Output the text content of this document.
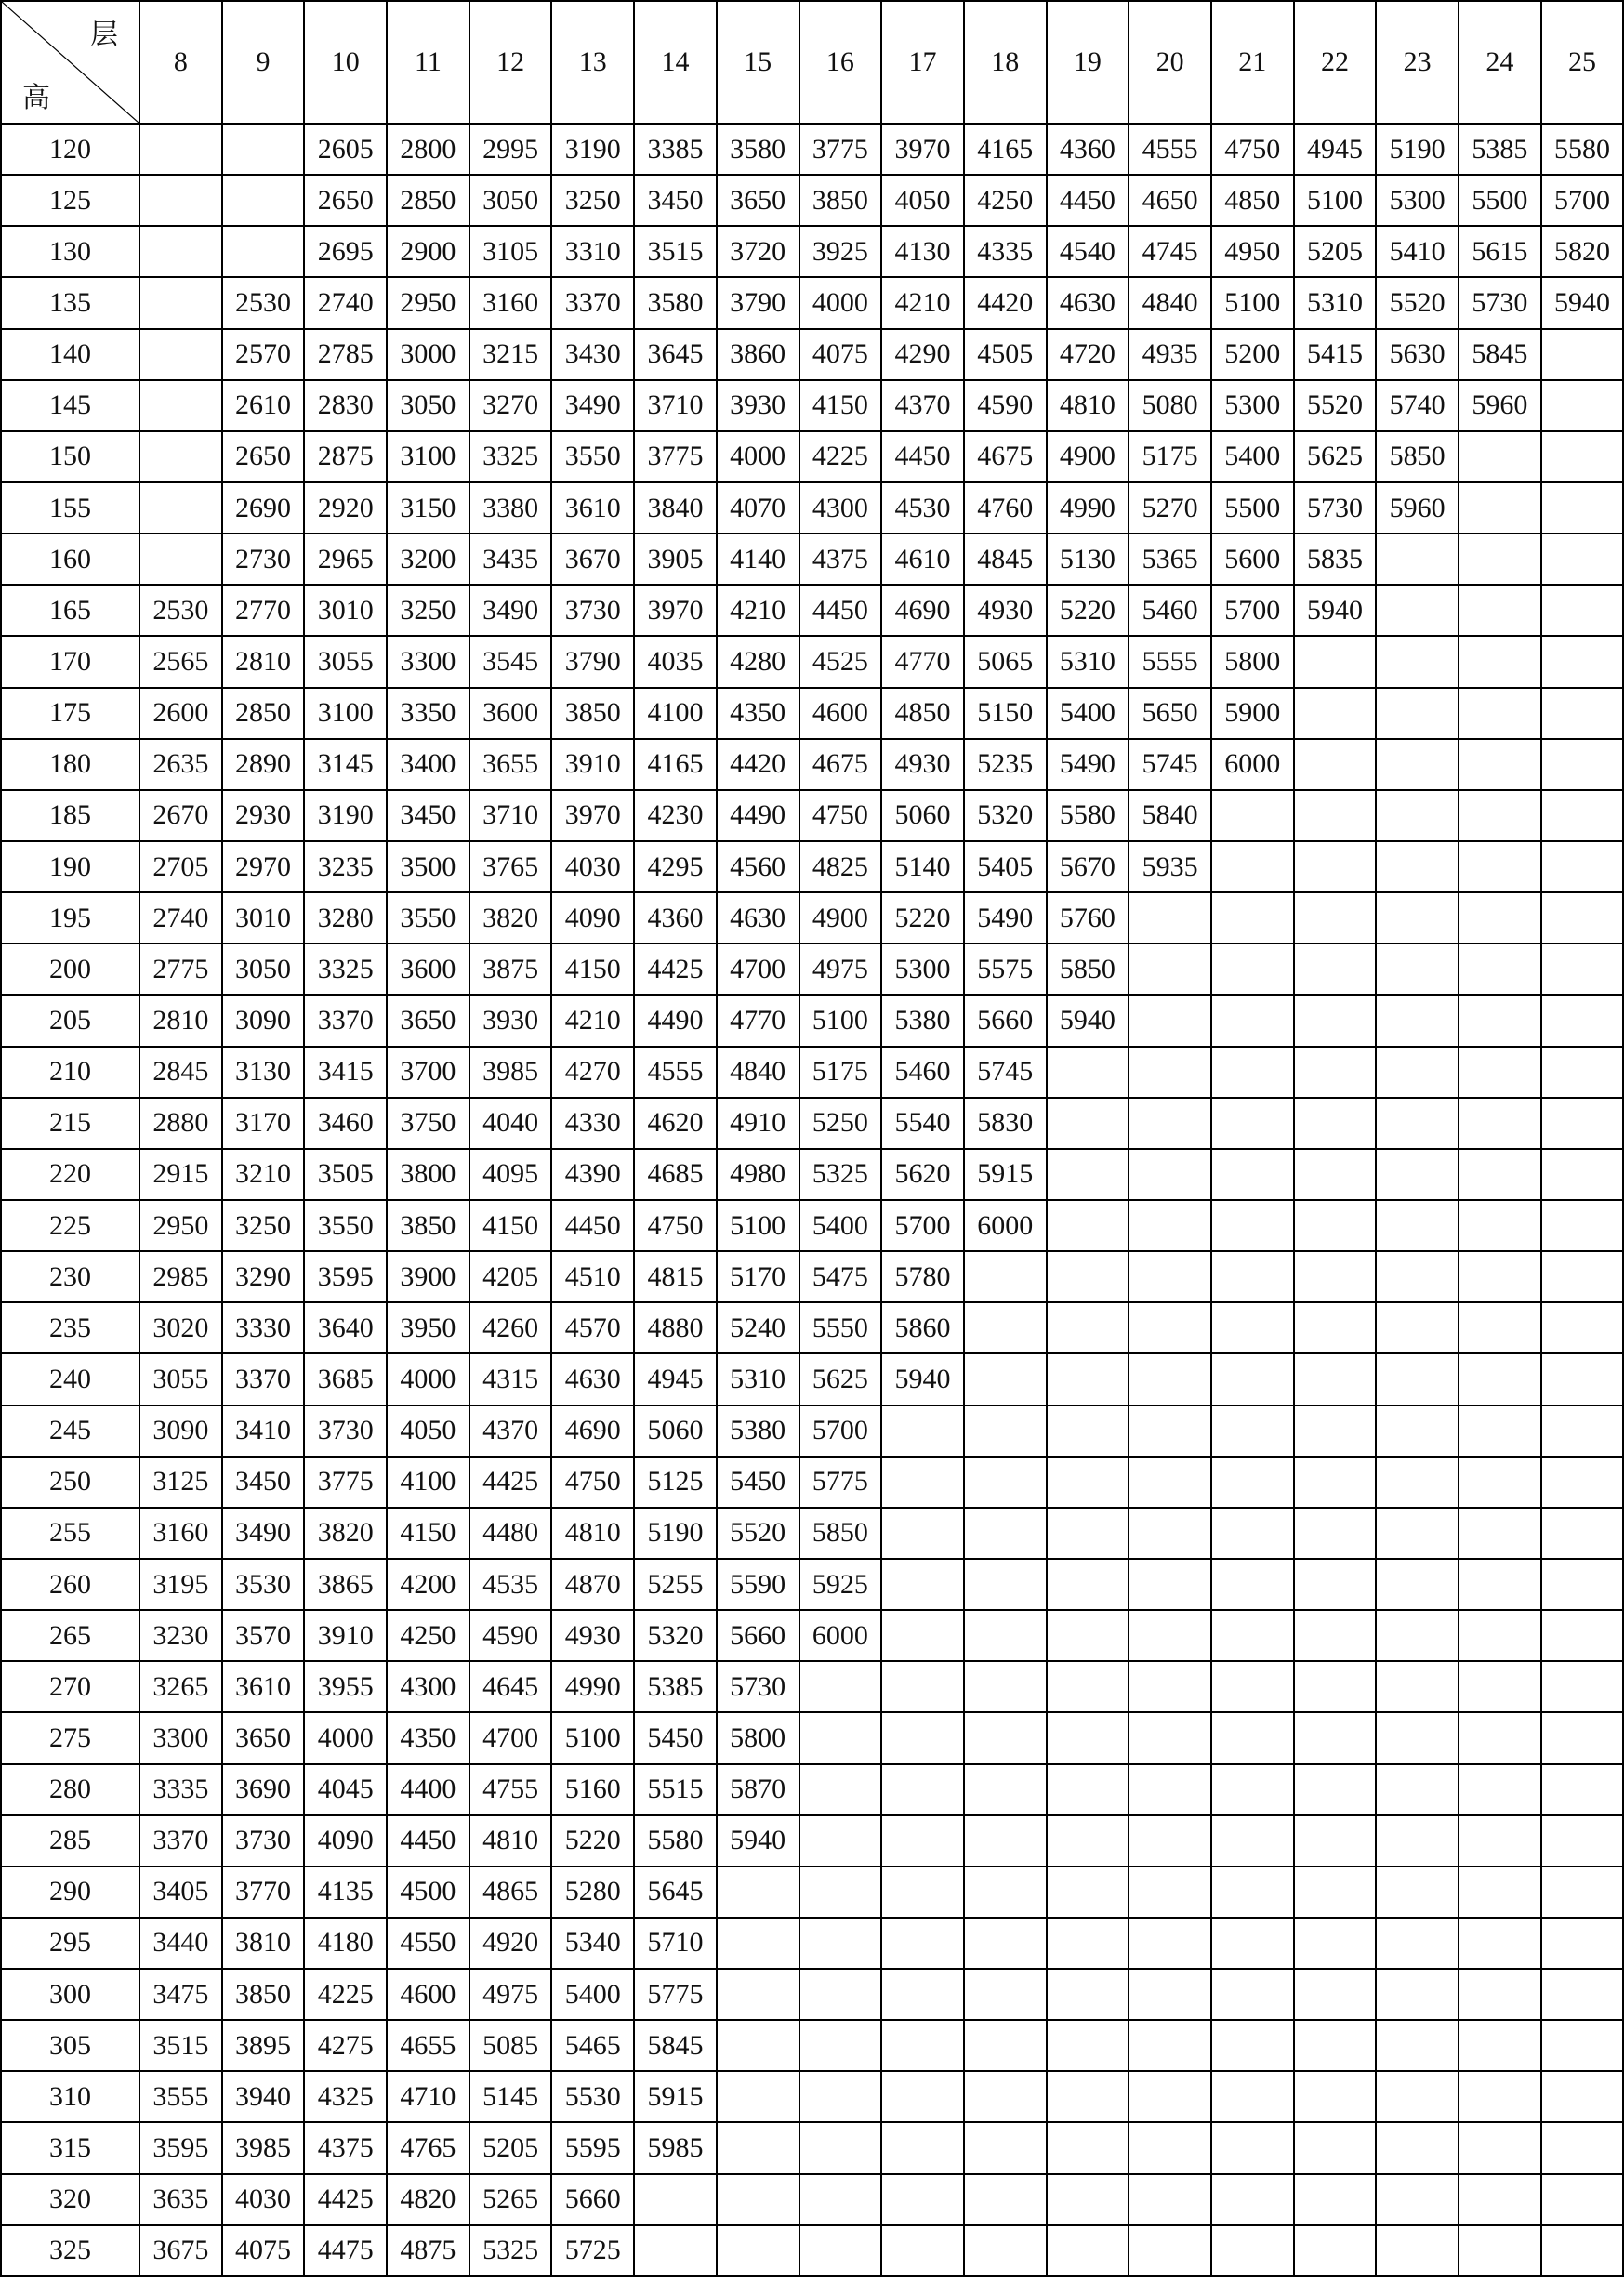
层
高	8	9	10	11	12	13	14	15	16	17	18	19	20	21	22	23	24	25
120			2605	2800	2995	3190	3385	3580	3775	3970	4165	4360	4555	4750	4945	5190	5385	5580
125			2650	2850	3050	3250	3450	3650	3850	4050	4250	4450	4650	4850	5100	5300	5500	5700
130			2695	2900	3105	3310	3515	3720	3925	4130	4335	4540	4745	4950	5205	5410	5615	5820
135		2530	2740	2950	3160	3370	3580	3790	4000	4210	4420	4630	4840	5100	5310	5520	5730	5940
140		2570	2785	3000	3215	3430	3645	3860	4075	4290	4505	4720	4935	5200	5415	5630	5845	
145		2610	2830	3050	3270	3490	3710	3930	4150	4370	4590	4810	5080	5300	5520	5740	5960	
150		2650	2875	3100	3325	3550	3775	4000	4225	4450	4675	4900	5175	5400	5625	5850		
155		2690	2920	3150	3380	3610	3840	4070	4300	4530	4760	4990	5270	5500	5730	5960		
160		2730	2965	3200	3435	3670	3905	4140	4375	4610	4845	5130	5365	5600	5835			
165	2530	2770	3010	3250	3490	3730	3970	4210	4450	4690	4930	5220	5460	5700	5940			
170	2565	2810	3055	3300	3545	3790	4035	4280	4525	4770	5065	5310	5555	5800				
175	2600	2850	3100	3350	3600	3850	4100	4350	4600	4850	5150	5400	5650	5900				
180	2635	2890	3145	3400	3655	3910	4165	4420	4675	4930	5235	5490	5745	6000				
185	2670	2930	3190	3450	3710	3970	4230	4490	4750	5060	5320	5580	5840					
190	2705	2970	3235	3500	3765	4030	4295	4560	4825	5140	5405	5670	5935					
195	2740	3010	3280	3550	3820	4090	4360	4630	4900	5220	5490	5760						
200	2775	3050	3325	3600	3875	4150	4425	4700	4975	5300	5575	5850						
205	2810	3090	3370	3650	3930	4210	4490	4770	5100	5380	5660	5940						
210	2845	3130	3415	3700	3985	4270	4555	4840	5175	5460	5745							
215	2880	3170	3460	3750	4040	4330	4620	4910	5250	5540	5830							
220	2915	3210	3505	3800	4095	4390	4685	4980	5325	5620	5915							
225	2950	3250	3550	3850	4150	4450	4750	5100	5400	5700	6000							
230	2985	3290	3595	3900	4205	4510	4815	5170	5475	5780								
235	3020	3330	3640	3950	4260	4570	4880	5240	5550	5860								
240	3055	3370	3685	4000	4315	4630	4945	5310	5625	5940								
245	3090	3410	3730	4050	4370	4690	5060	5380	5700									
250	3125	3450	3775	4100	4425	4750	5125	5450	5775									
255	3160	3490	3820	4150	4480	4810	5190	5520	5850									
260	3195	3530	3865	4200	4535	4870	5255	5590	5925									
265	3230	3570	3910	4250	4590	4930	5320	5660	6000									
270	3265	3610	3955	4300	4645	4990	5385	5730										
275	3300	3650	4000	4350	4700	5100	5450	5800										
280	3335	3690	4045	4400	4755	5160	5515	5870										
285	3370	3730	4090	4450	4810	5220	5580	5940										
290	3405	3770	4135	4500	4865	5280	5645											
295	3440	3810	4180	4550	4920	5340	5710											
300	3475	3850	4225	4600	4975	5400	5775											
305	3515	3895	4275	4655	5085	5465	5845											
310	3555	3940	4325	4710	5145	5530	5915											
315	3595	3985	4375	4765	5205	5595	5985											
320	3635	4030	4425	4820	5265	5660												
325	3675	4075	4475	4875	5325	5725												
